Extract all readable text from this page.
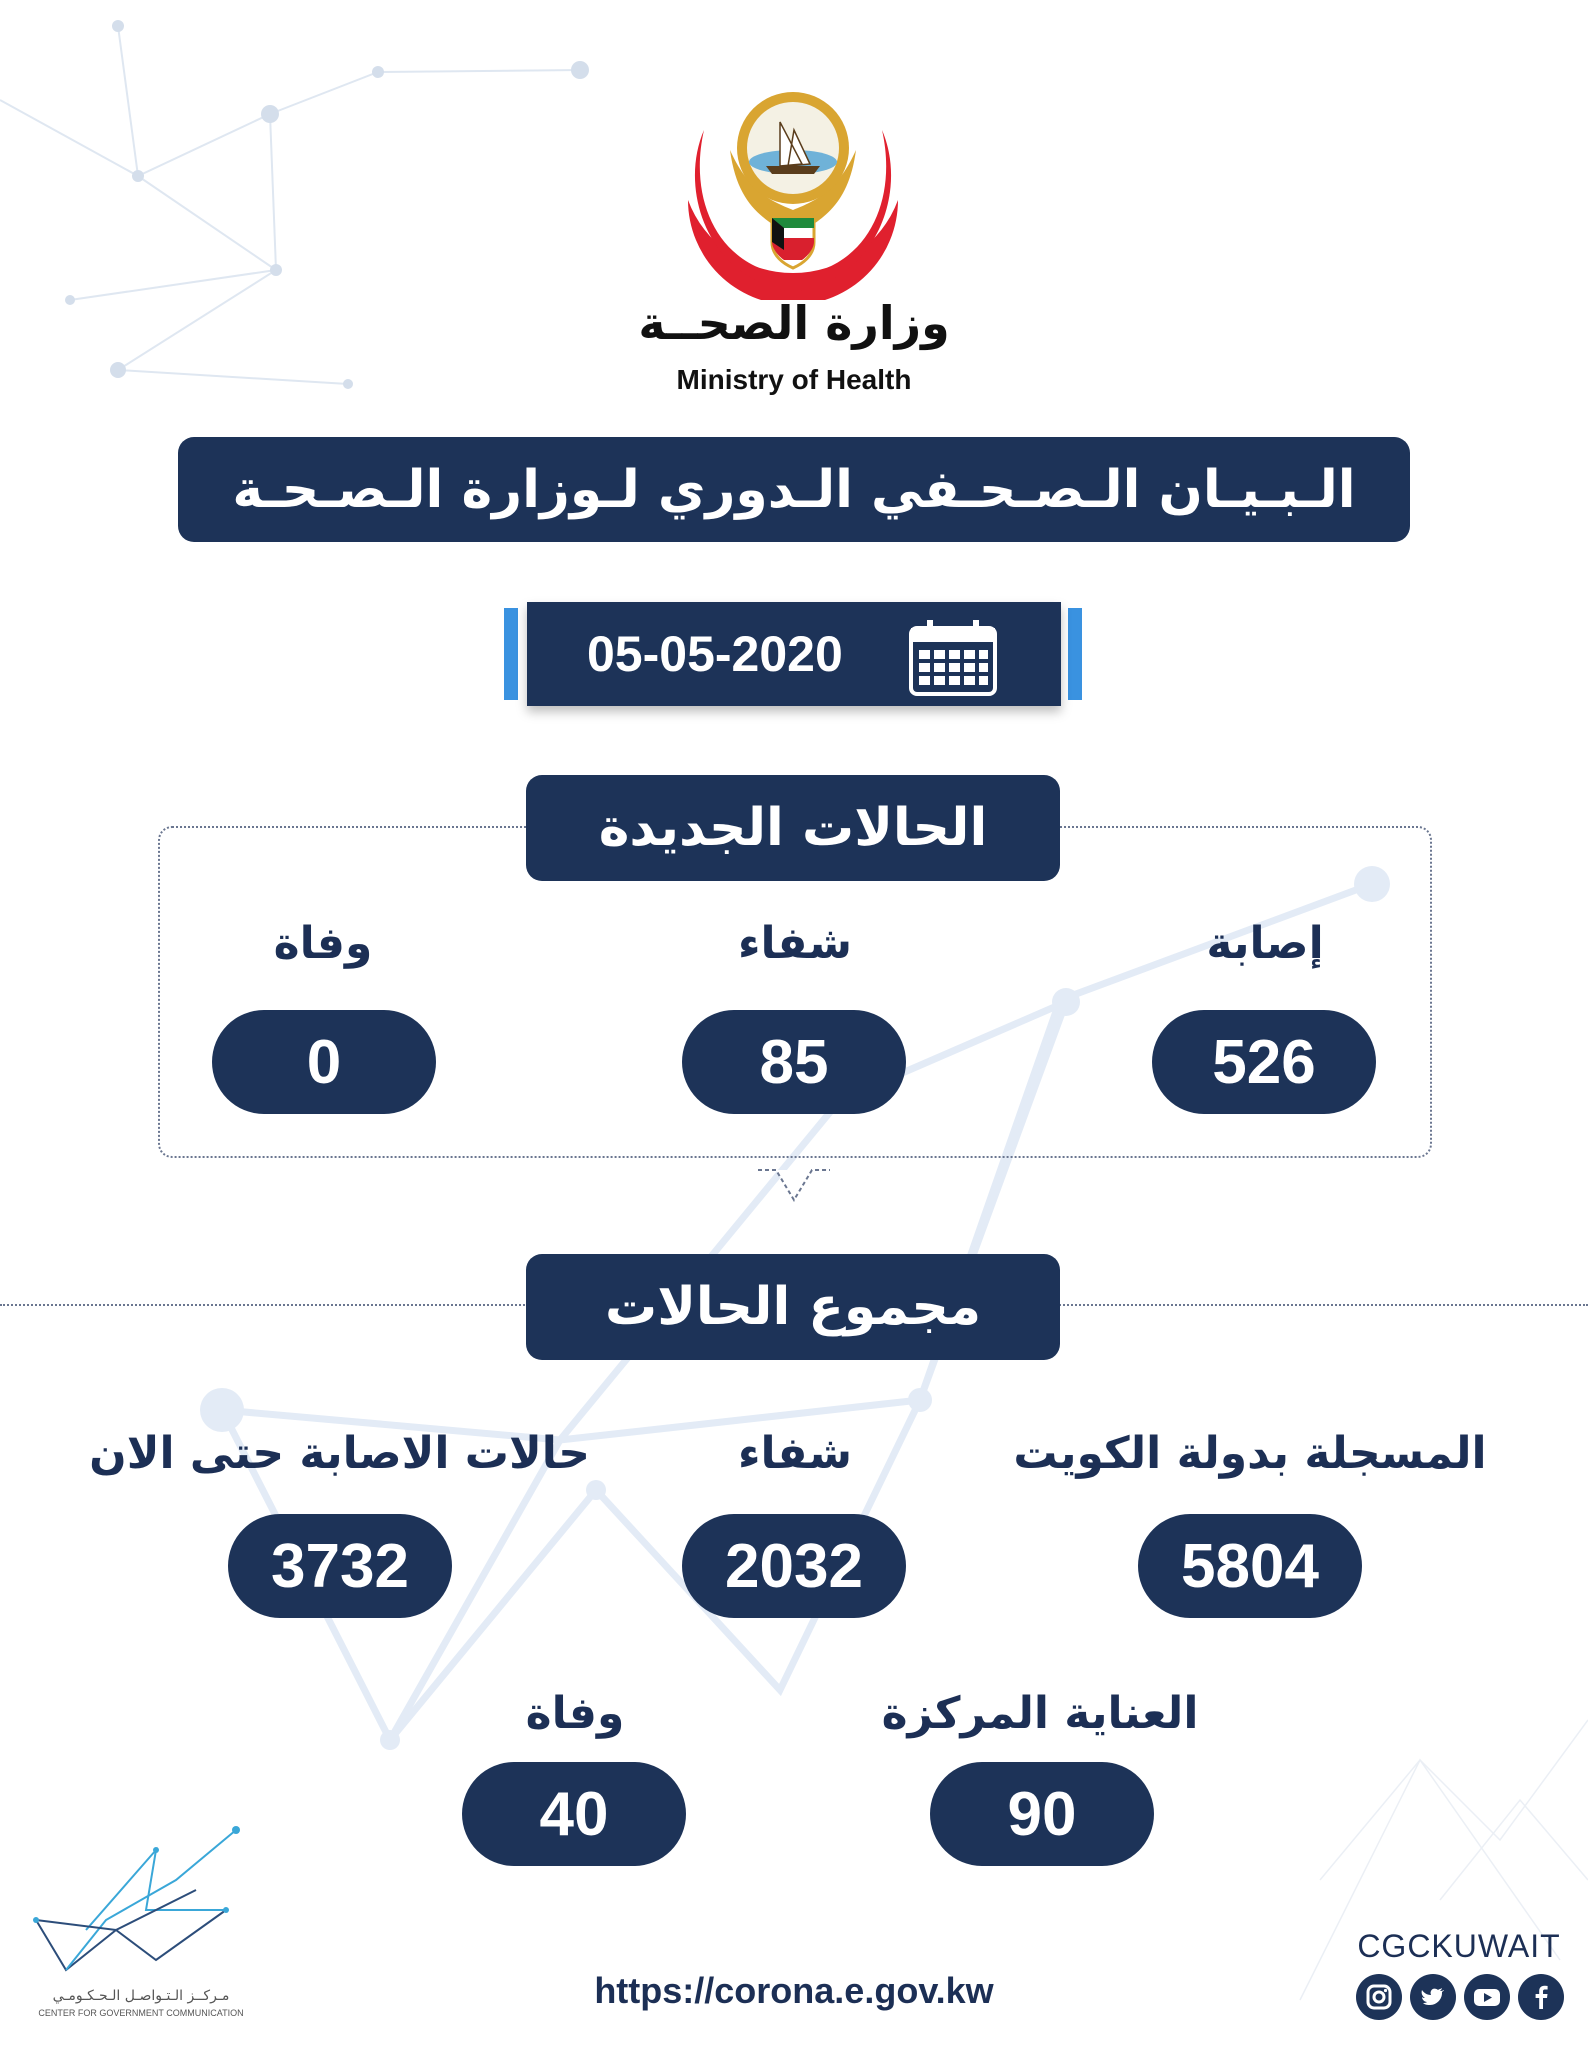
وزارة الصحــة
Ministry of Health
الـبـيـان الـصـحـفي الـدوري لـوزارة الـصـحـة
05-05-2020
الحالات الجديدة
إصابة
شفاء
وفاة
526
85
0
مجموع الحالات
المسجلة بدولة الكويت
شفاء
حالات الاصابة حتى الان
5804
2032
3732
العناية المركزة
وفاة
90
40
مـركــز الـتـواصـل الـحـكـومـي
CENTER FOR GOVERNMENT COMMUNICATION
https://corona.e.gov.kw
CGCKUWAIT
